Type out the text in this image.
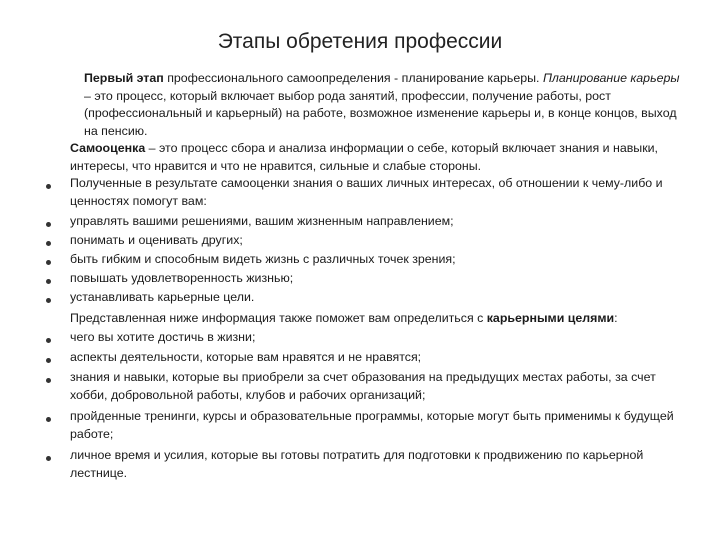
Этапы обретения профессии

Первый этап профессионального самоопределения - планирование карьеры. Планирование карьеры – это процесс, который включает выбор рода занятий, профессии, получение работы, рост (профессиональный и карьерный) на работе, возможное изменение карьеры и, в конце концов, выход на пенсию.

Самооценка – это процесс сбора и анализа информации о себе, который включает знания и навыки, интересы, что нравится и что не нравится, сильные и слабые стороны.

Полученные в результате самооценки знания о ваших личных интересах, об отношении к чему-либо и ценностях помогут вам:

управлять вашими решениями, вашим жизненным направлением;

понимать и оценивать других;

быть гибким и способным видеть жизнь с различных точек зрения;

повышать удовлетворенность жизнью;

устанавливать карьерные цели.

Представленная ниже информация также поможет вам определиться с карьерными целями:

чего вы хотите достичь в жизни;

аспекты деятельности, которые вам нравятся и не нравятся;

знания и навыки, которые вы приобрели за счет образования на предыдущих местах работы, за счет хобби, добровольной работы, клубов и рабочих организаций;

пройденные тренинги, курсы и образовательные программы, которые могут быть применимы к будущей работе;

личное время и усилия, которые вы готовы потратить для подготовки к продвижению по карьерной лестнице.
